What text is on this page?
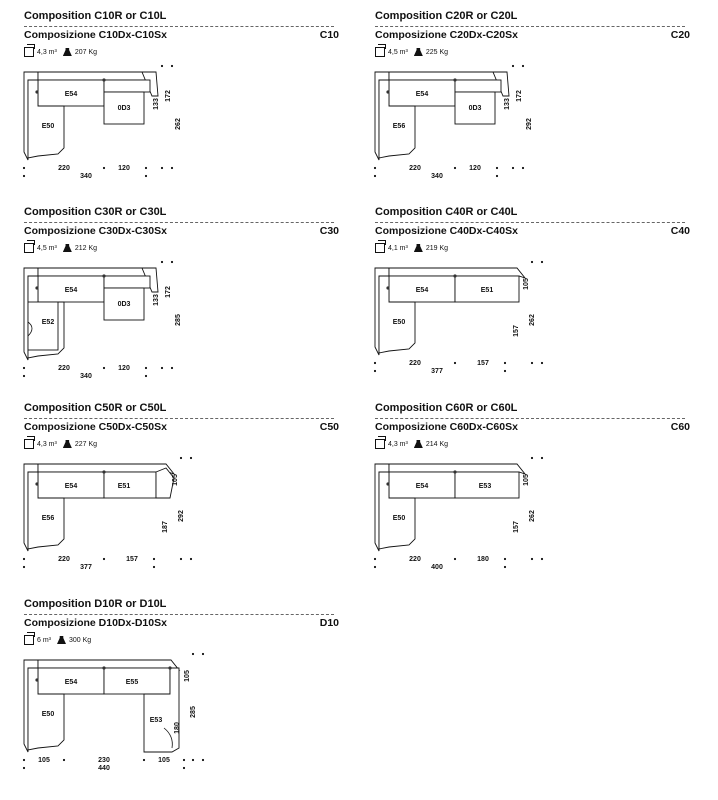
Composition C10R or C10L
Composizione C10Dx-C10Sx	C10
4,3 m³	207 Kg
E54
E50
0D3	133
172
262
220	120
340
Composition C20R or C20L
Composizione C20Dx-C20Sx	C20
4,5 m³	225 Kg
E54
E56
0D3	133
172
292
220	120
340
Composition C30R or C30L
Composizione C30Dx-C30Sx	C30
4,5 m³	212 Kg
E54
E52
0D3	133
172
285
220	120
340
Composition C40R or C40L
Composizione C40Dx-C40Sx	C40
4,1 m³	219 Kg
E54
E50
E51
105
157
262
220	157
377
Composition C50R or C50L
Composizione C50Dx-C50Sx	C50
4,3 m³	227 Kg
E54
E56
E51
105
187
292
220	157
377
Composition C60R or C60L
Composizione C60Dx-C60Sx	C60
4,3 m³	214 Kg
E54
E50
E53
105
157
262
220	180
400
Composition D10R or D10L
Composizione D10Dx-D10Sx	D10
6 m³	300 Kg
E54
E50
E55
E53
105
180
285
105	230	105
440
